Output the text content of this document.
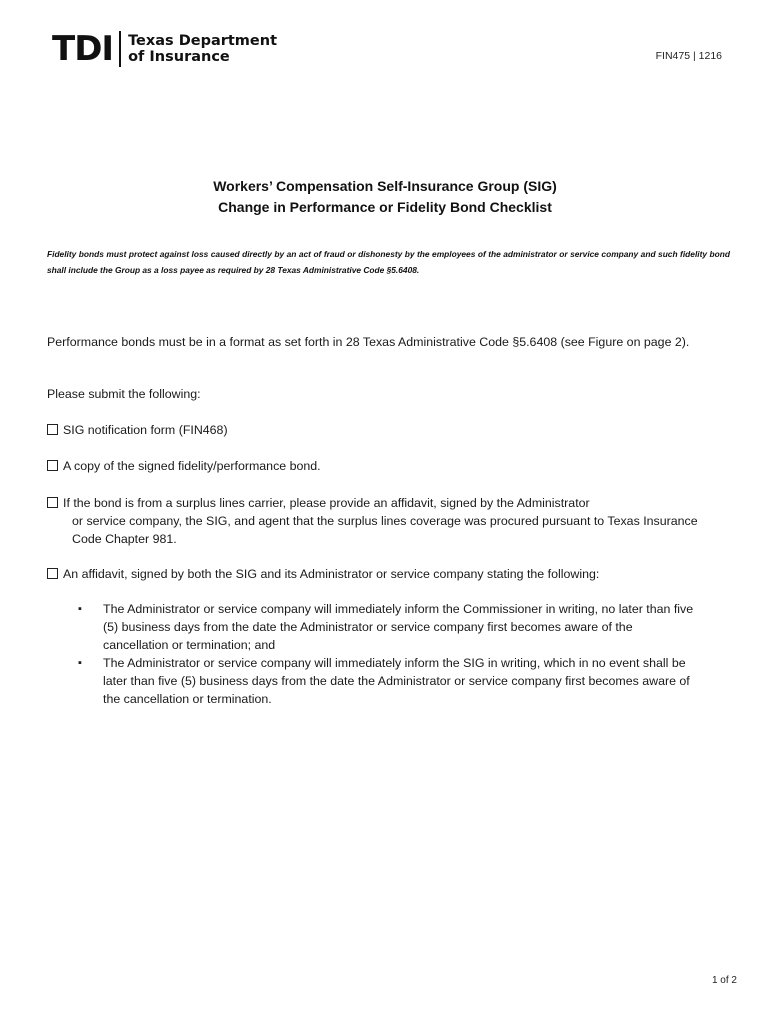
TDI Texas Department
of Insurance	FIN475 | 1216
Workers’ Compensation Self-Insurance Group (SIG)
Change in Performance or Fidelity Bond Checklist
Fidelity bonds must protect against loss caused directly by an act of fraud or dishonesty by the employees of the administrator or service company and such fidelity bond shall include the Group as a loss payee as required by 28 Texas Administrative Code §5.6408.
Performance bonds must be in a format as set forth in 28 Texas Administrative Code §5.6408 (see Figure on page 2).
Please submit the following:
SIG notification form (FIN468)
A copy of the signed fidelity/performance bond.
If the bond is from a surplus lines carrier, please provide an affidavit, signed by the Administrator
or service company, the SIG, and agent that the surplus lines coverage was procured pursuant to Texas Insurance Code Chapter 981.
An affidavit, signed by both the SIG and its Administrator or service company stating the following:
▪ The Administrator or service company will immediately inform the Commissioner in writing, no later than five (5) business days from the date the Administrator or service company first becomes aware of the cancellation or termination; and
▪ The Administrator or service company will immediately inform the SIG in writing, which in no event shall be later than five (5) business days from the date the Administrator or service company first becomes aware of the cancellation or termination.
1 of 2
